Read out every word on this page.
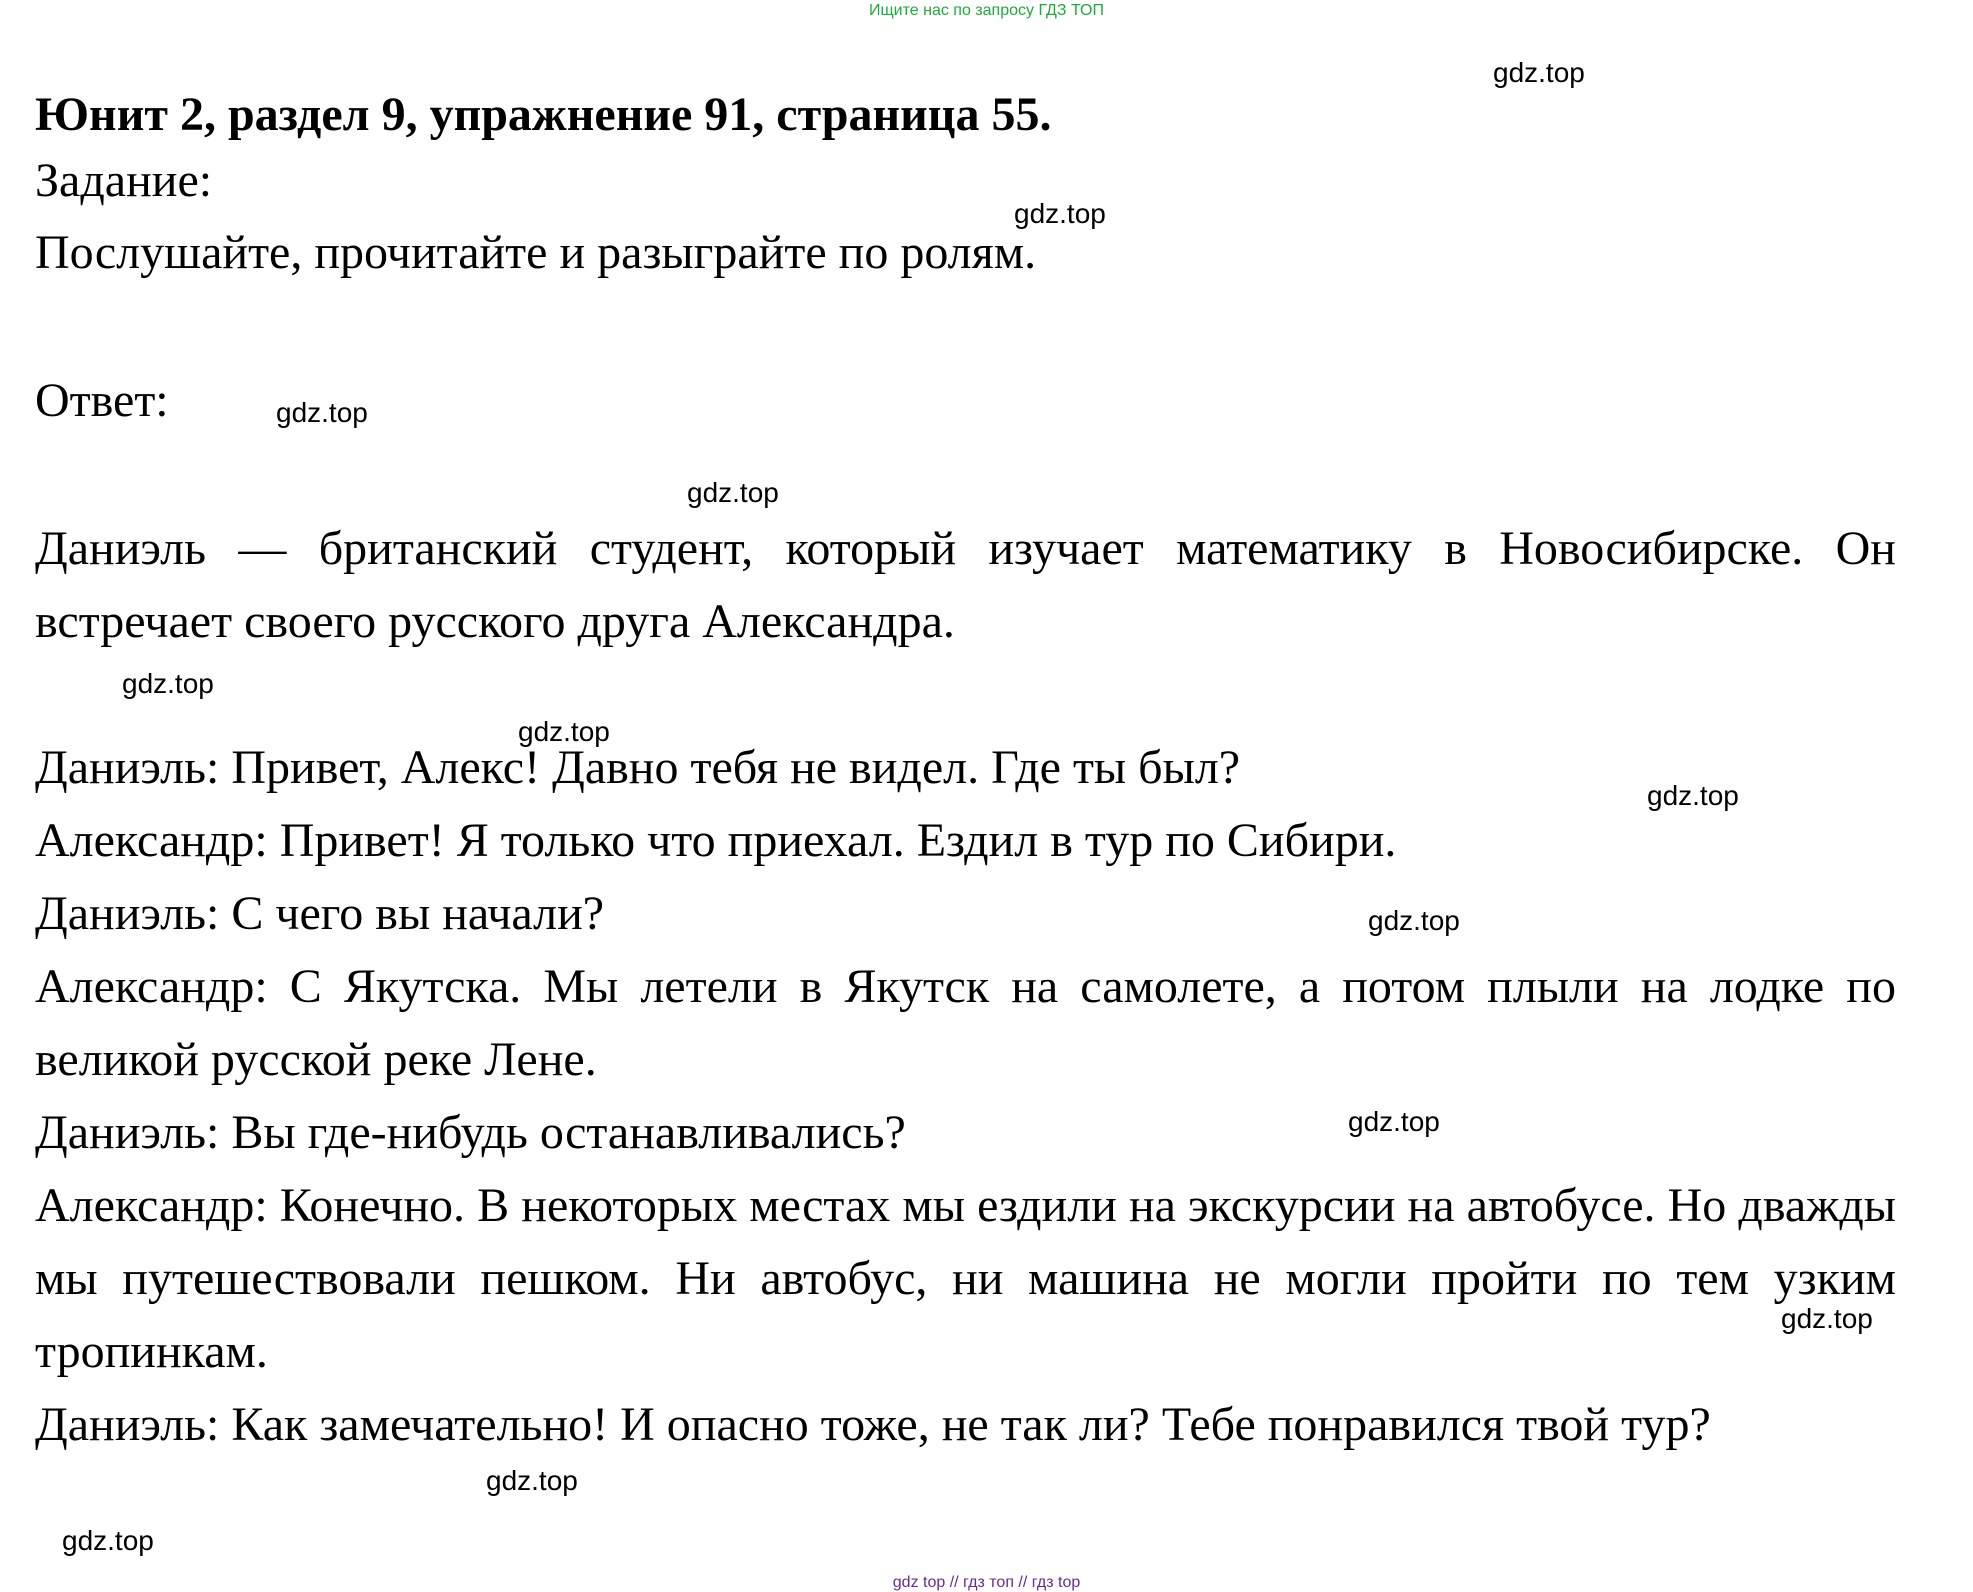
Ищите нас по запросу ГДЗ ТОП
Юнит 2, раздел 9, упражнение 91, страница 55.

Задание:

Послушайте, прочитайте и разыграйте по ролям.

Ответ:

Даниэль — британский студент, который изучает математику в Новосибирске. Он встречает своего русского друга Александра.

Даниэль: Привет, Алекс! Давно тебя не видел. Где ты был?

Александр: Привет! Я только что приехал. Ездил в тур по Сибири.

Даниэль: С чего вы начали?

Александр: С Якутска. Мы летели в Якутск на самолете, а потом плыли на лодке по великой русской реке Лене.

Даниэль: Вы где-нибудь останавливались?

Александр: Конечно. В некоторых местах мы ездили на экскурсии на автобусе. Но дважды мы путешествовали пешком. Ни автобус, ни машина не могли пройти по тем узким тропинкам.

Даниэль: Как замечательно! И опасно тоже, не так ли? Тебе понравился твой тур?

gdz.top
gdz.top
gdz.top
gdz.top
gdz.top
gdz.top
gdz.top
gdz.top
gdz.top
gdz.top
gdz.top
gdz.top
gdz top // гдз топ // гдз top
